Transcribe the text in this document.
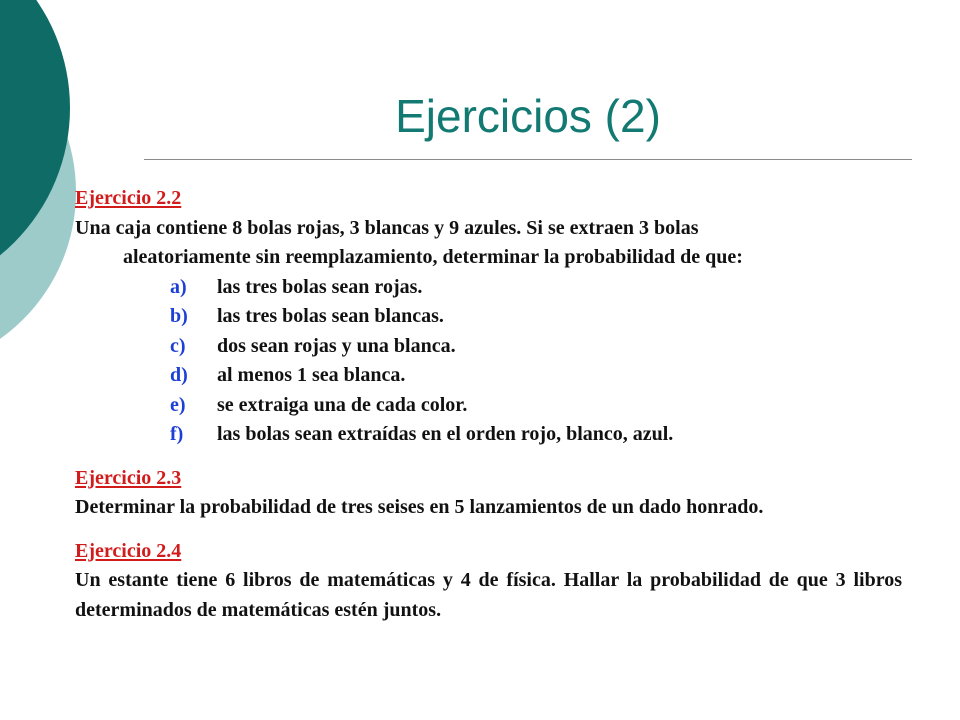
Ejercicios (2)
Ejercicio 2.2
Una caja contiene 8 bolas rojas, 3 blancas y 9 azules. Si se extraen 3 bolas
aleatoriamente sin reemplazamiento, determinar la probabilidad de que:
a) las tres bolas sean rojas.
b) las tres bolas sean blancas.
c) dos sean rojas y una blanca.
d) al menos 1 sea blanca.
e) se extraiga una de cada color.
f) las bolas sean extraídas en el orden rojo, blanco, azul.
Ejercicio 2.3

Determinar la probabilidad de tres seises en 5 lanzamientos de un dado honrado.

Ejercicio 2.4

Un estante tiene 6 libros de matemáticas y 4 de física. Hallar la probabilidad de que 3 libros determinados de matemáticas estén juntos.
